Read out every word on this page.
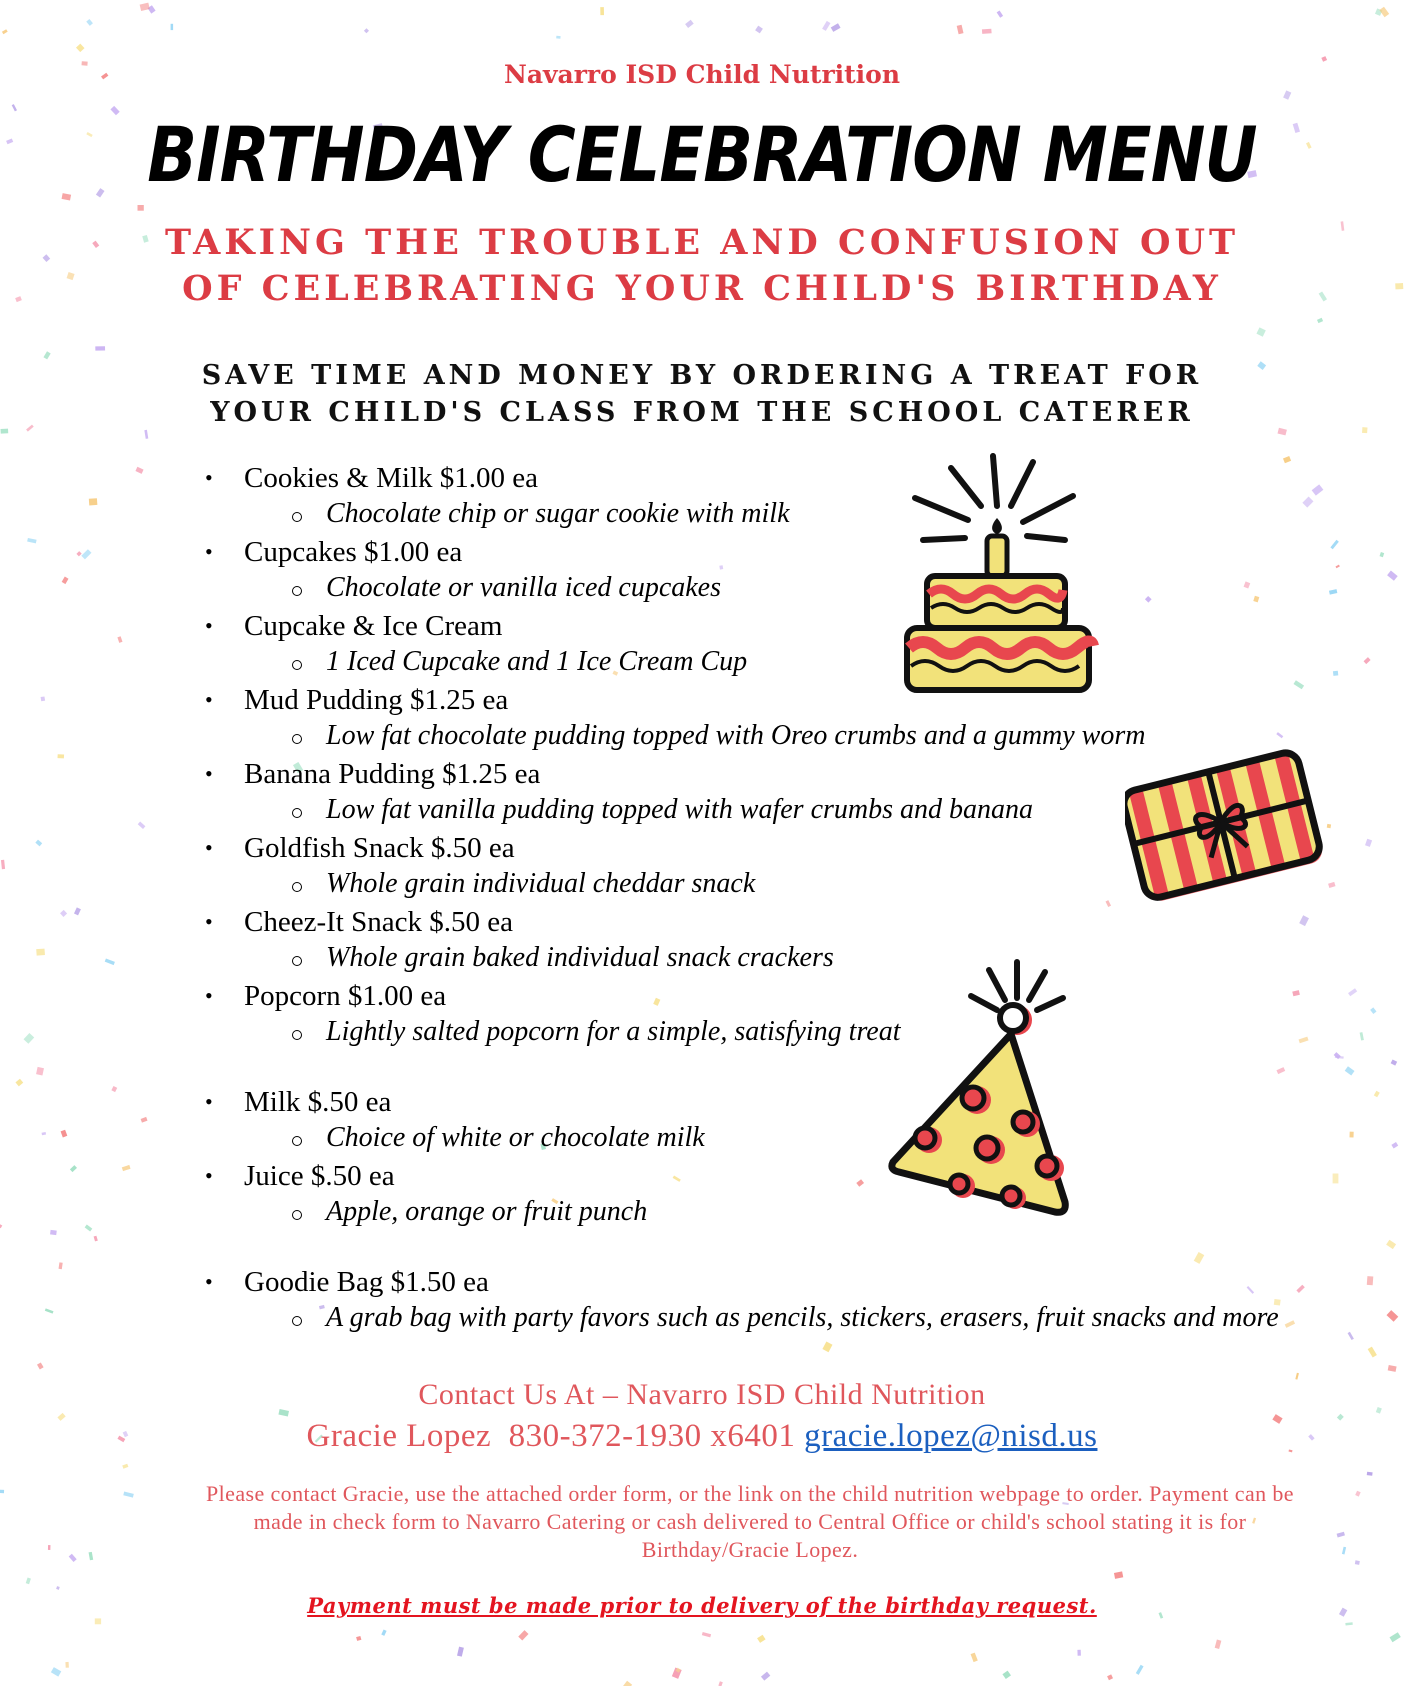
Navarro ISD Child Nutrition
BIRTHDAY CELEBRATION MENU
TAKING THE TROUBLE AND CONFUSION OUT
OF CELEBRATING YOUR CHILD'S BIRTHDAY
SAVE TIME AND MONEY BY ORDERING A TREAT FOR
YOUR CHILD'S CLASS FROM THE SCHOOL CATERER
• Cookies & Milk $1.00 ea
Chocolate chip or sugar cookie with milk
• Cupcakes $1.00 ea
Chocolate or vanilla iced cupcakes
• Cupcake & Ice Cream
1 Iced Cupcake and 1 Ice Cream Cup
• Mud Pudding $1.25 ea
Low fat chocolate pudding topped with Oreo crumbs and a gummy worm
• Banana Pudding $1.25 ea
Low fat vanilla pudding topped with wafer crumbs and banana
• Goldfish Snack $.50 ea
Whole grain individual cheddar snack
• Cheez-It Snack $.50 ea
Whole grain baked individual snack crackers
• Popcorn $1.00 ea
Lightly salted popcorn for a simple, satisfying treat
• Milk $.50 ea
Choice of white or chocolate milk
• Juice $.50 ea
Apple, orange or fruit punch
• Goodie Bag $1.50 ea
A grab bag with party favors such as pencils, stickers, erasers, fruit snacks and more
Contact Us At – Navarro ISD Child Nutrition
Gracie Lopez 830-372-1930 x6401 gracie.lopez@nisd.us
Please contact Gracie, use the attached order form, or the link on the child nutrition webpage to order. Payment can be made in check form to Navarro Catering or cash delivered to Central Office or child's school stating it is for Birthday/Gracie Lopez.
Payment must be made prior to delivery of the birthday request.
